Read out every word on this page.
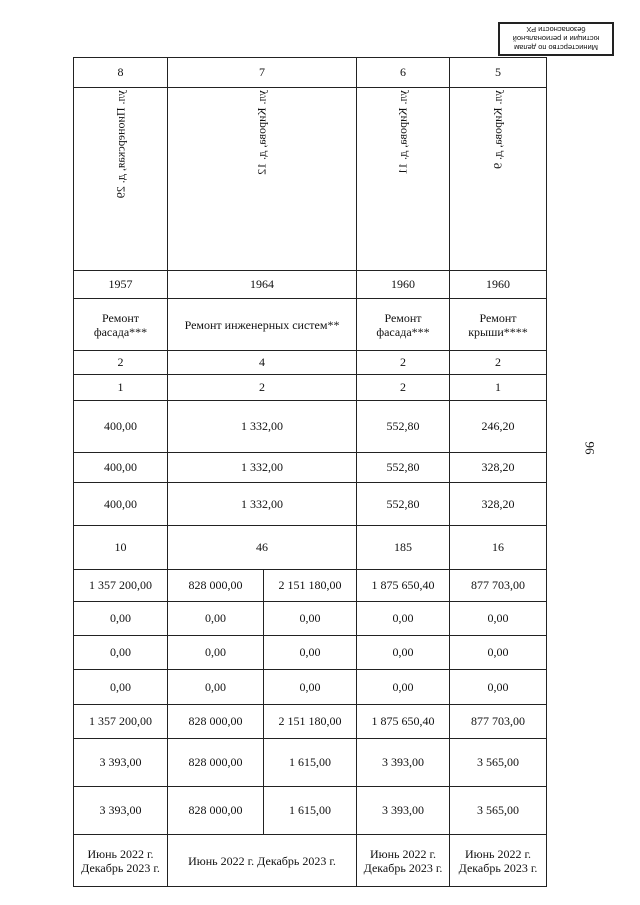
Министерство по делам
юстиции и региональной
безопасности РХ
96
8	7		6	5

ул. Пионерская, д. 29	ул. Кирова, д. 12		ул. Кирова, д. 11	ул. Кирова, д. 9

1957	1964		1960	1960
Ремонт фасада***	Ремонт инженерных систем**		Ремонт фасада***	Ремонт крыши****
2	4		2	2
1	2		2	1
400,00	1 332,00		552,80	246,20
400,00	1 332,00		552,80	328,20
400,00	1 332,00		552,80	328,20
10	46		185	16
1 357 200,00	828 000,00	2 151 180,00	1 875 650,40	877 703,00
0,00	0,00	0,00	0,00	0,00
0,00	0,00	0,00	0,00	0,00
0,00	0,00	0,00	0,00	0,00
1 357 200,00	828 000,00	2 151 180,00	1 875 650,40	877 703,00
3 393,00	828 000,00	1 615,00	3 393,00	3 565,00
3 393,00	828 000,00	1 615,00	3 393,00	3 565,00
Июнь 2022 г. Декабрь 2023 г.	Июнь 2022 г. Декабрь 2023 г.		Июнь 2022 г. Декабрь 2023 г.	Июнь 2022 г. Декабрь 2023 г.
